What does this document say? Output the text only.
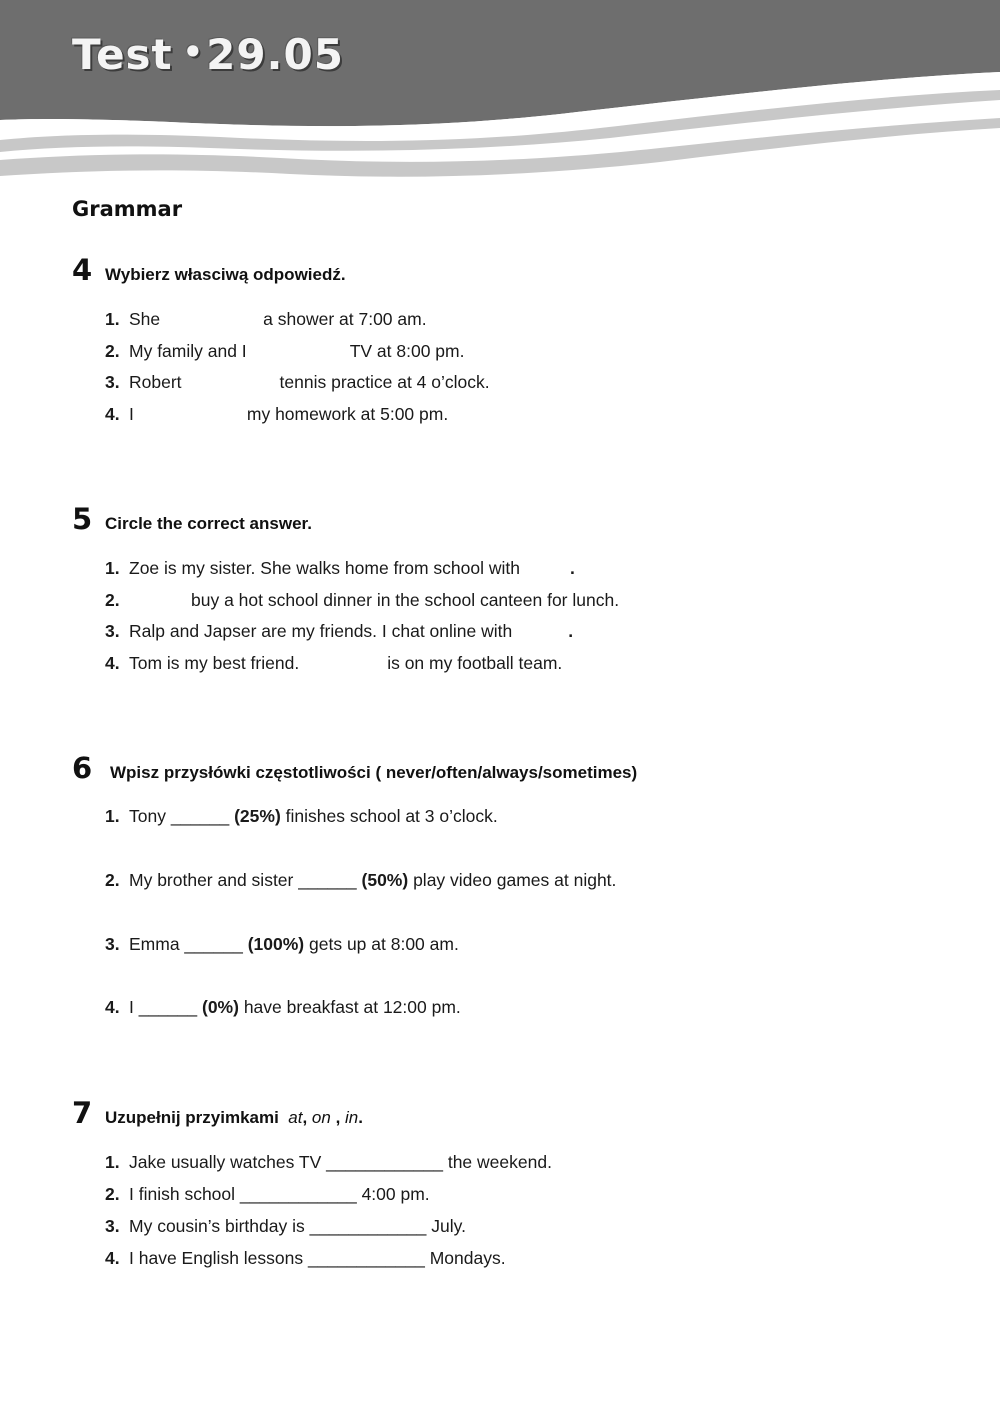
Test •29.05
Grammar
4 Wybierz własciwą odpowiedź.
1. She	a shower at 7:00 am.
2. My family and I	TV at 8:00 pm.
3. Robert	tennis practice at 4 o’clock.
4. I	my homework at 5:00 pm.
5 Circle the correct answer.
1. Zoe is my sister. She walks home from school with	.
2.	buy a hot school dinner in the school canteen for lunch.
3. Ralp and Japser are my friends. I chat online with	.
4. Tom is my best friend.	is on my football team.
6	Wpisz przysłówki częstotliwości ( never/often/always/sometimes)
1. Tony ______ (25%) finishes school at 3 o’clock.
2. My brother and sister ______ (50%) play video games at night.
3. Emma ______ (100%) gets up at 8:00 am.
4. I ______ (0%) have breakfast at 12:00 pm.
7 Uzupełnij przyimkami at, on , in.
1. Jake usually watches TV ____________ the weekend.
2. I finish school ____________ 4:00 pm.
3. My cousin’s birthday is ____________ July.
4. I have English lessons ____________ Mondays.
